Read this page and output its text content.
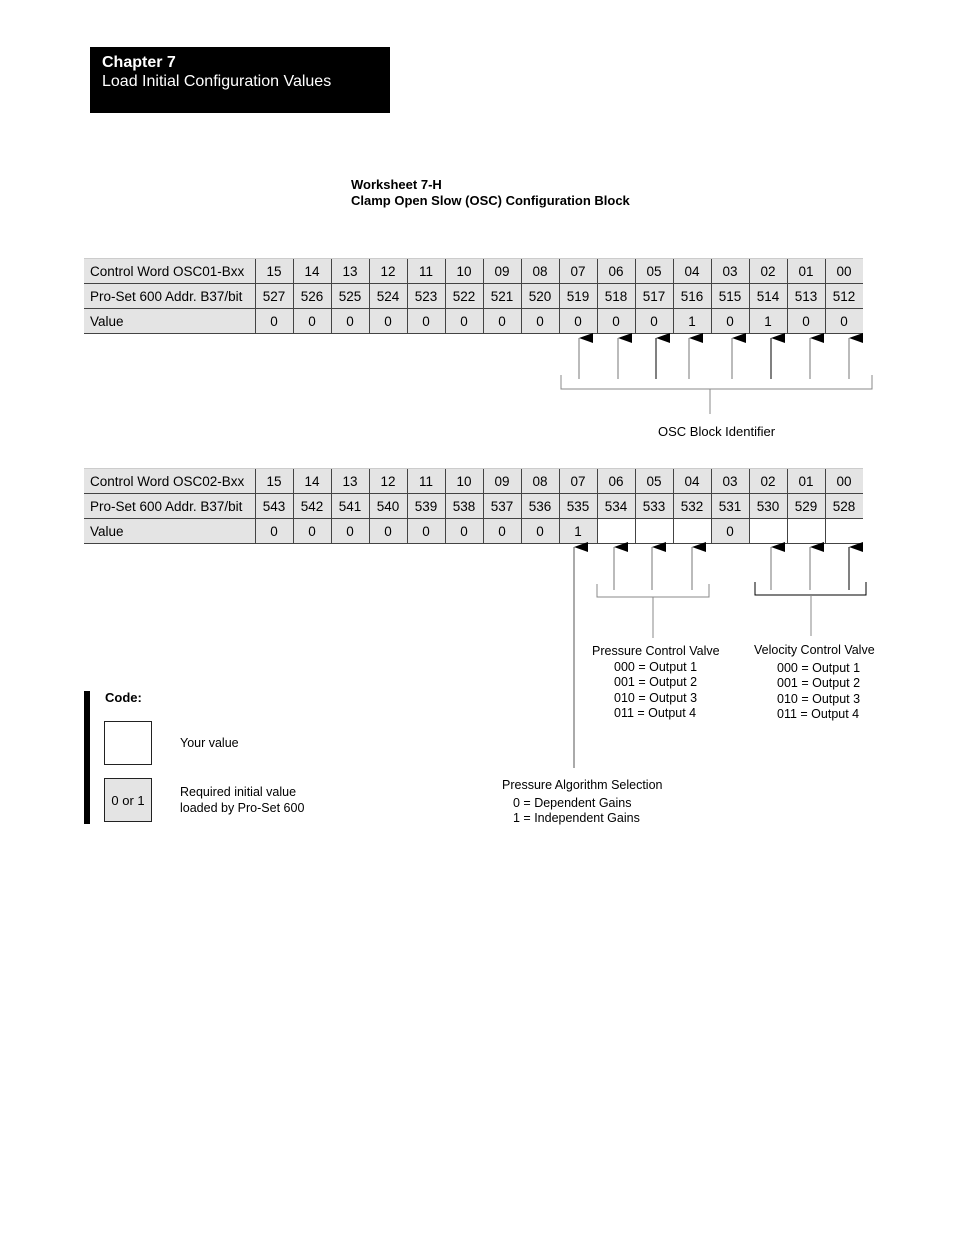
Chapter 7
Load Initial Configuration Values
Worksheet 7-H
Clamp Open Slow (OSC) Configuration Block
Control Word OSC01-Bxx	15	14	13	12	11	10	09	08	07	06	05	04	03	02	01	00
Pro-Set 600 Addr. B37/bit	527	526	525	524	523	522	521	520	519	518	517	516	515	514	513	512
Value	0	0	0	0	0	0	0	0	0	0	0	1	0	1	0	0
Control Word OSC02-Bxx	15	14	13	12	11	10	09	08	07	06	05	04	03	02	01	00
Pro-Set 600 Addr. B37/bit	543	542	541	540	539	538	537	536	535	534	533	532	531	530	529	528
Value	0	0	0	0	0	0	0	0	1				0			
OSC Block Identifier
Pressure Control Valve
000 = Output 1
001 = Output 2
010 = Output 3
011 = Output 4
Velocity Control Valve
000 = Output 1
001 = Output 2
010 = Output 3
011 = Output 4
Pressure Algorithm Selection
0 = Dependent Gains
1 = Independent Gains
Code:
Your value
0 or 1
Required initial value
loaded by Pro-Set 600
